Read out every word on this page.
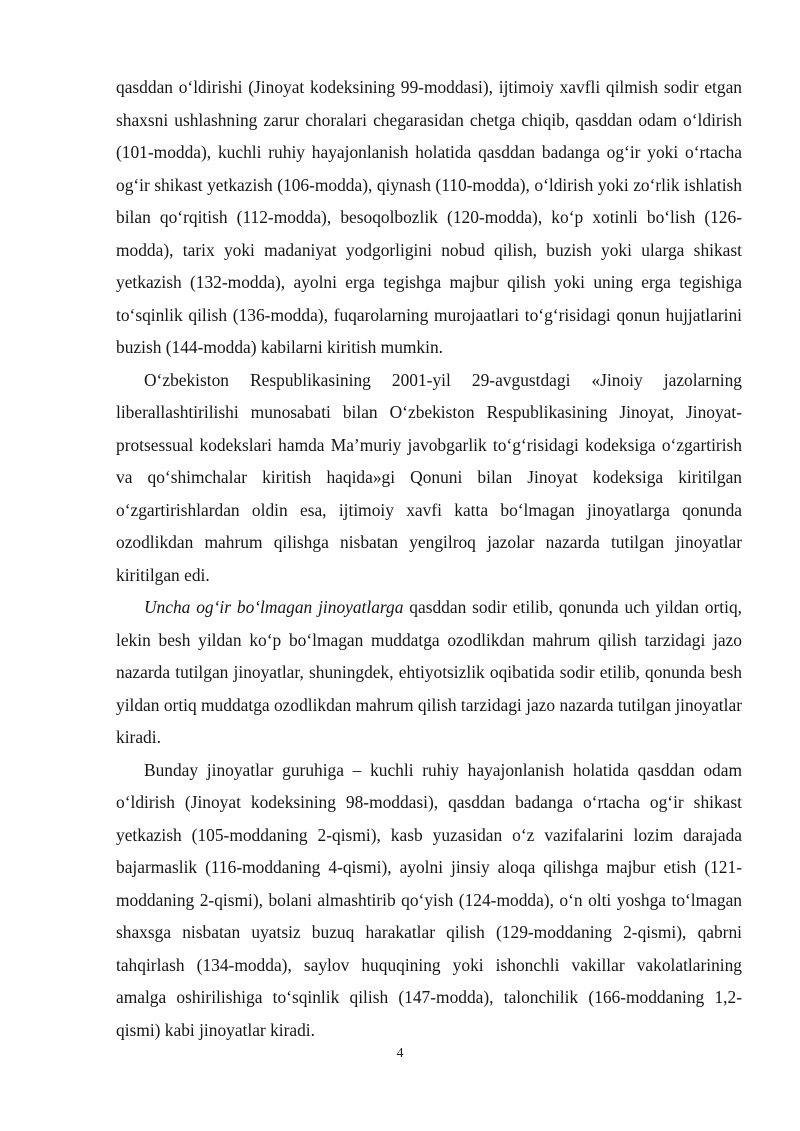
qasddan o‘ldirishi (Jinoyat kodeksining 99-moddasi), ijtimoiy xavfli qilmish sodir etgan shaxsni ushlashning zarur choralari chegarasidan chetga chiqib, qasddan odam o‘ldirish (101-modda), kuchli ruhiy hayajonlanish holatida qasddan badanga og‘ir yoki o‘rtacha og‘ir shikast yetkazish (106-modda), qiynash (110-modda), o‘ldirish yoki zo‘rlik ishlatish bilan qo‘rqitish (112-modda), besoqolbozlik (120-modda), ko‘p xotinli bo‘lish (126-modda), tarix yoki madaniyat yodgorligini nobud qilish, buzish yoki ularga shikast yetkazish (132-modda), ayolni erga tegishga majbur qilish yoki uning erga tegishiga to‘sqinlik qilish (136-modda), fuqarolarning murojaatlari to‘g‘risidagi qonun hujjatlarini buzish (144-modda) kabilarni kiritish mumkin.

O‘zbekiston Respublikasining 2001-yil 29-avgustdagi «Jinoiy jazolarning liberallashtirilishi munosabati bilan O‘zbekiston Respublikasining Jinoyat, Jinoyat-protsessual kodekslari hamda Ma’muriy javobgarlik to‘g‘risidagi kodeksiga o‘zgartirish va qo‘shimchalar kiritish haqida»gi Qonuni bilan Jinoyat kodeksiga kiritilgan o‘zgartirishlardan oldin esa, ijtimoiy xavfi katta bo‘lmagan jinoyatlarga qonunda ozodlikdan mahrum qilishga nisbatan yengilroq jazolar nazarda tutilgan jinoyatlar kiritilgan edi.

Uncha og‘ir bo‘lmagan jinoyatlarga qasddan sodir etilib, qonunda uch yildan ortiq, lekin besh yildan ko‘p bo‘lmagan muddatga ozodlikdan mahrum qilish tarzidagi jazo nazarda tutilgan jinoyatlar, shuningdek, ehtiyotsizlik oqibatida sodir etilib, qonunda besh yildan ortiq muddatga ozodlikdan mahrum qilish tarzidagi jazo nazarda tutilgan jinoyatlar kiradi.

Bunday jinoyatlar guruhiga – kuchli ruhiy hayajonlanish holatida qasddan odam o‘ldirish (Jinoyat kodeksining 98-moddasi), qasddan badanga o‘rtacha og‘ir shikast yetkazish (105-moddaning 2-qismi), kasb yuzasidan o‘z vazifalarini lozim darajada bajarmaslik (116-moddaning 4-qismi), ayolni jinsiy aloqa qilishga majbur etish (121-moddaning 2-qismi), bolani almashtirib qo‘yish (124-modda), o‘n olti yoshga to‘lmagan shaxsga nisbatan uyatsiz buzuq harakatlar qilish (129-moddaning 2-qismi), qabrni tahqirlash (134-modda), saylov huquqining yoki ishonchli vakillar vakolatlarining amalga oshirilishiga to‘sqinlik qilish (147-modda), talonchilik (166-moddaning 1,2-qismi) kabi jinoyatlar kiradi.

4
